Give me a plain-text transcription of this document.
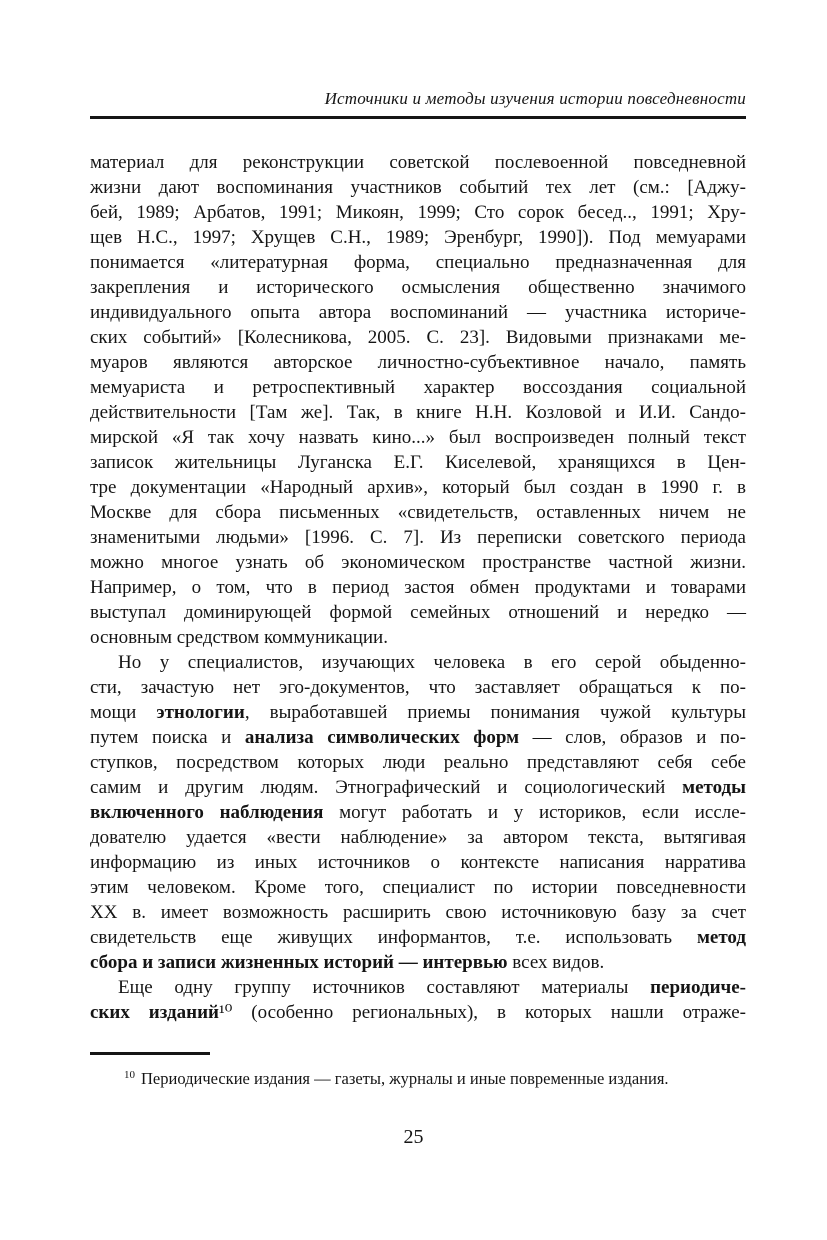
Источники и методы изучения истории повседневности
материал для реконструкции советской послевоенной повседневной
жизни дают воспоминания участников событий тех лет (см.: [Аджу-
бей, 1989; Арбатов, 1991; Микоян, 1999; Сто сорок бесед.., 1991; Хру-
щев Н.С., 1997; Хрущев С.Н., 1989; Эренбург, 1990]). Под мемуарами
понимается «литературная форма, специально предназначенная для
закрепления и исторического осмысления общественно значимого
индивидуального опыта автора воспоминаний — участника историче-
ских событий» [Колесникова, 2005. С. 23]. Видовыми признаками ме-
муаров являются авторское личностно-субъективное начало, память
мемуариста и ретроспективный характер воссоздания социальной
действительности [Там же]. Так, в книге Н.Н. Козловой и И.И. Сандо-
мирской «Я так хочу назвать кино...» был воспроизведен полный текст
записок жительницы Луганска Е.Г. Киселевой, хранящихся в Цен-
тре документации «Народный архив», который был создан в 1990 г. в
Москве для сбора письменных «свидетельств, оставленных ничем не
знаменитыми людьми» [1996. С. 7]. Из переписки советского периода
можно многое узнать об экономическом пространстве частной жизни.
Например, о том, что в период застоя обмен продуктами и товарами
выступал доминирующей формой семейных отношений и нередко —
основным средством коммуникации.
Но у специалистов, изучающих человека в его серой обыденно-
сти, зачастую нет эго-документов, что заставляет обращаться к по-
мощи этнологии, выработавшей приемы понимания чужой культуры
путем поиска и анализа символических форм — слов, образов и по-
ступков, посредством которых люди реально представляют себя себе
самим и другим людям. Этнографический и социологический методы
включенного наблюдения могут работать и у историков, если иссле-
дователю удается «вести наблюдение» за автором текста, вытягивая
информацию из иных источников о контексте написания нарратива
этим человеком. Кроме того, специалист по истории повседневности
XX в. имеет возможность расширить свою источниковую базу за счет
свидетельств еще живущих информантов, т.е. использовать метод
сбора и записи жизненных историй — интервью всех видов.
Еще одну группу источников составляют материалы периодиче-
ских изданий¹⁰ (особенно региональных), в которых нашли отраже-
$^{10}$ Периодические издания — газеты, журналы и иные повременные издания.
25
